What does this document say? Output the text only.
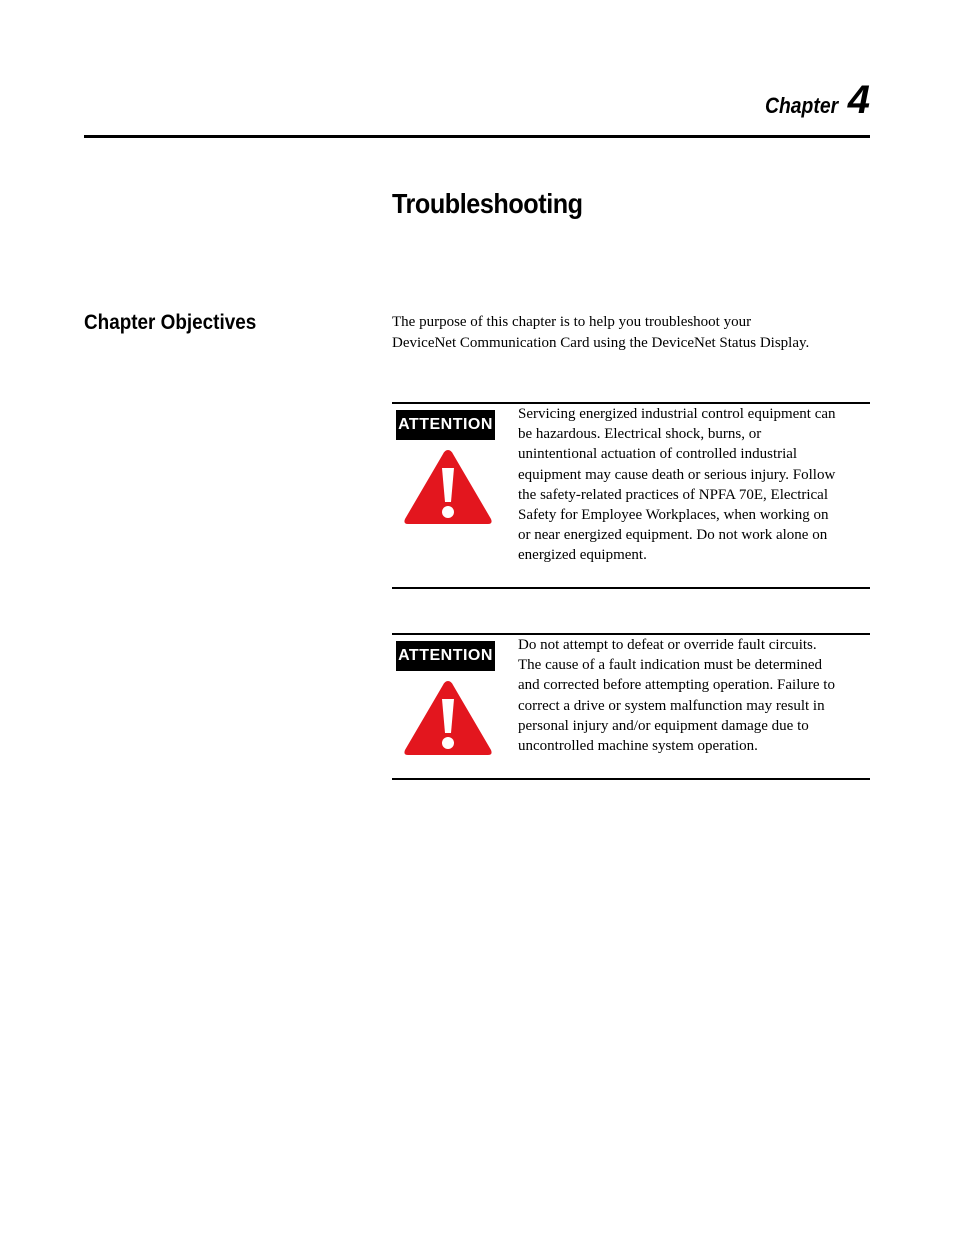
Chapter 4
Troubleshooting
Chapter Objectives	The purpose of this chapter is to help you troubleshoot your DeviceNet Communication Card using the DeviceNet Status Display.

ATTENTION

Servicing energized industrial control equipment can be hazardous. Electrical shock, burns, or unintentional actuation of controlled industrial equipment may cause death or serious injury. Follow the safety-related practices of NPFA 70E, Electrical Safety for Employee Workplaces, when working on or near energized equipment. Do not work alone on energized equipment.

ATTENTION

Do not attempt to defeat or override fault circuits. The cause of a fault indication must be determined and corrected before attempting operation. Failure to correct a drive or system malfunction may result in personal injury and/or equipment damage due to uncontrolled machine system operation.
